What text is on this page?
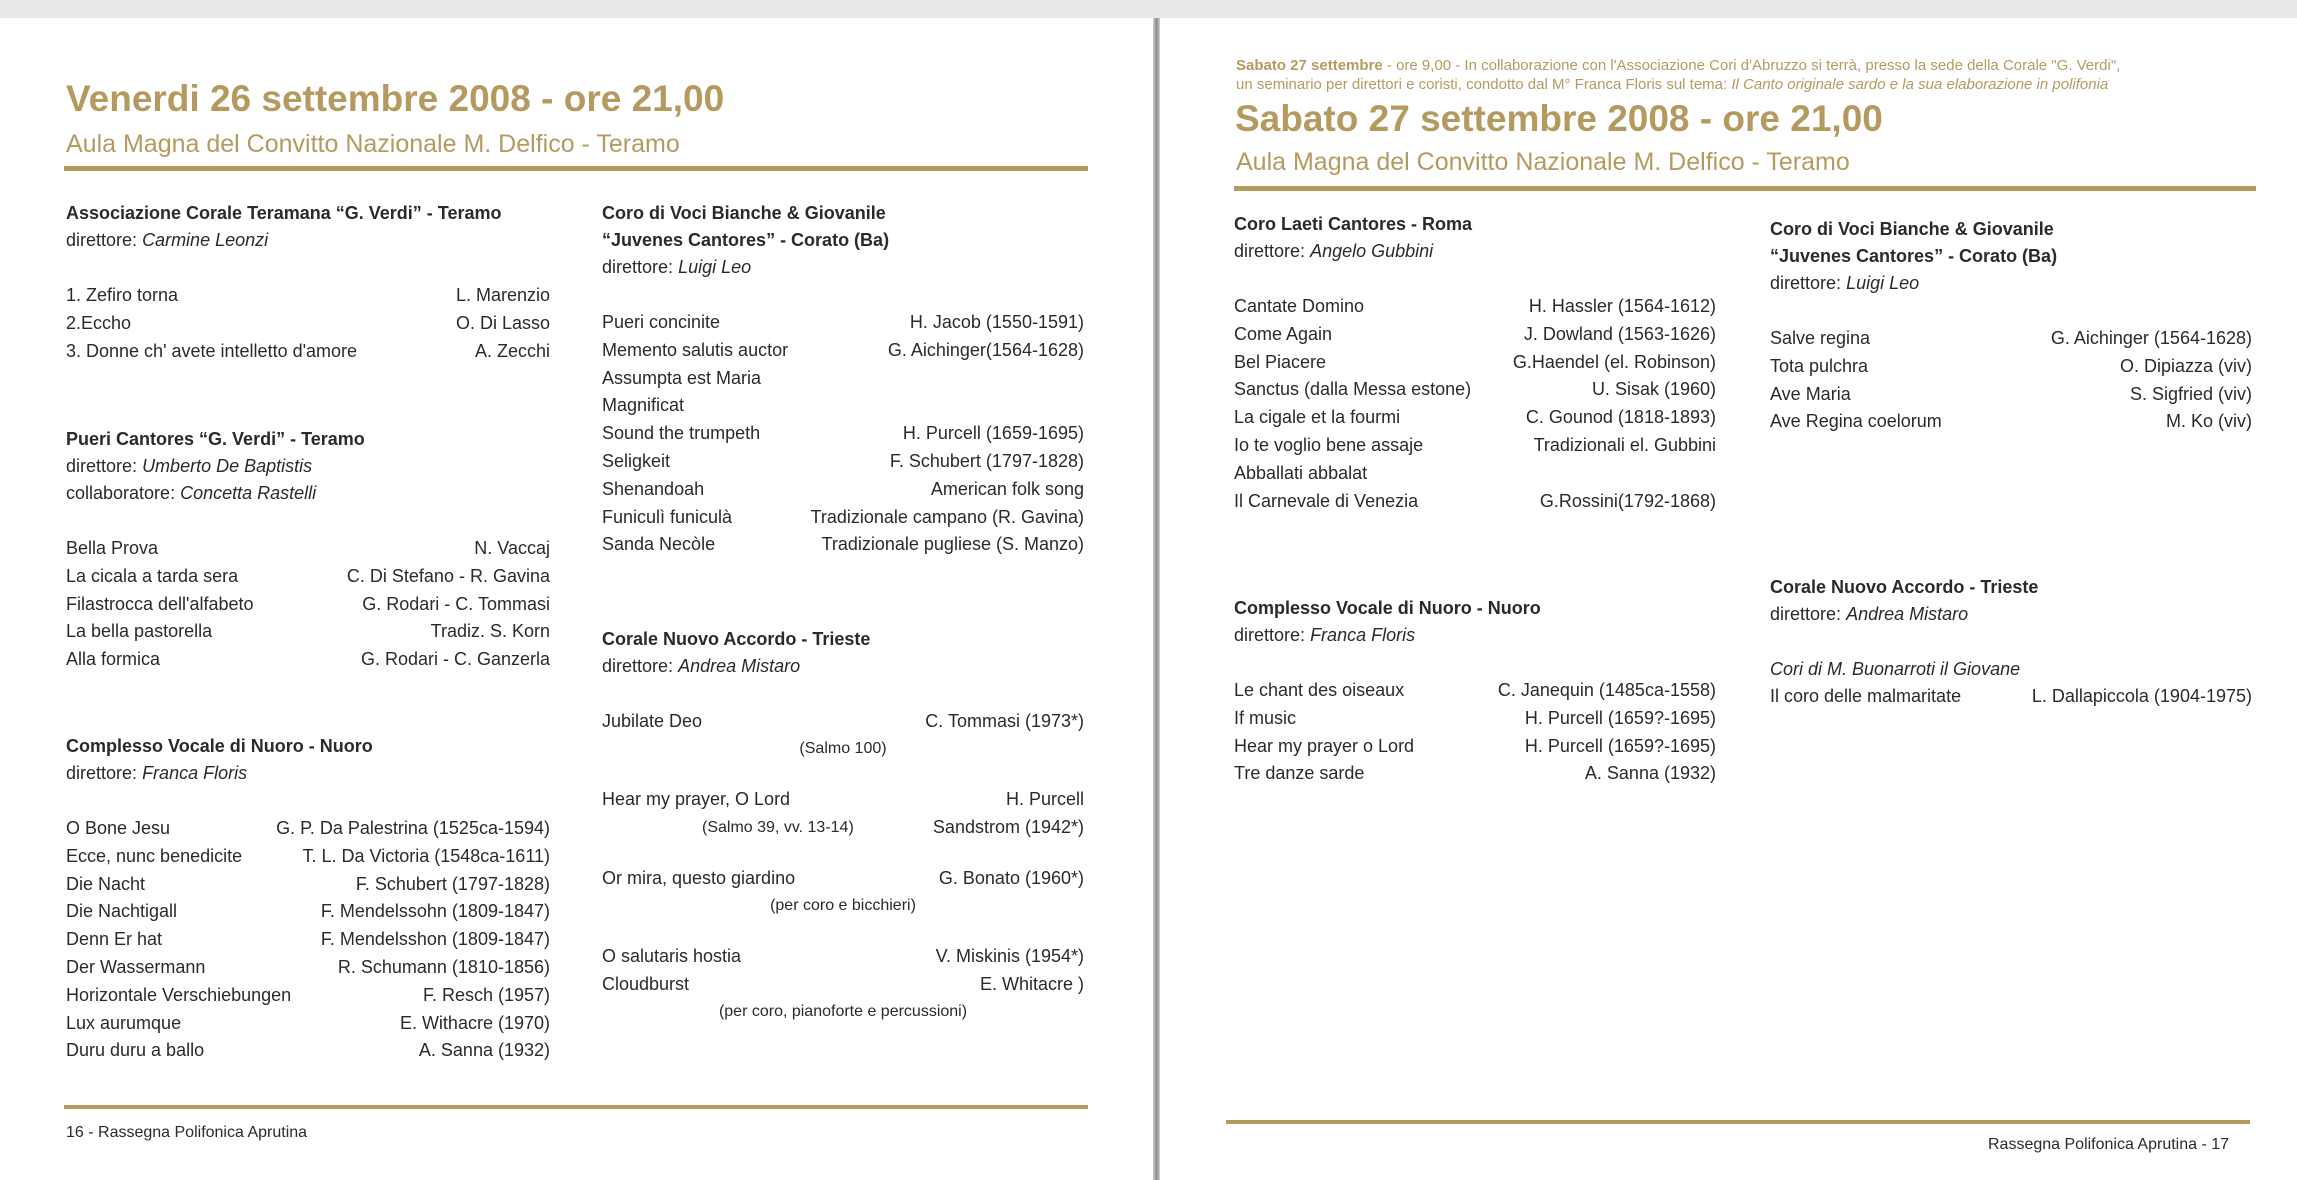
Venerdi 26 settembre 2008 - ore 21,00
Aula Magna del Convitto Nazionale M. Delfico - Teramo
Associazione Corale Teramana “G. Verdi” - Teramo
direttore: Carmine Leonzi
1. Zefiro torna	L. Marenzio
2.Eccho	O. Di Lasso
3. Donne ch' avete intelletto d'amore	A. Zecchi
Pueri Cantores “G. Verdi” - Teramo
direttore: Umberto De Baptistis
collaboratore: Concetta Rastelli
Bella Prova	N. Vaccaj
La cicala a tarda sera	C. Di Stefano - R. Gavina
Filastrocca dell'alfabeto	G. Rodari - C. Tommasi
La bella pastorella	Tradiz. S. Korn
Alla formica	G. Rodari - C. Ganzerla
Complesso Vocale di Nuoro - Nuoro
direttore: Franca Floris
O Bone Jesu	G. P. Da Palestrina (1525ca-1594)
Ecce, nunc benedicite	T. L. Da Victoria (1548ca-1611)
Die Nacht	F. Schubert (1797-1828)
Die Nachtigall	F. Mendelssohn (1809-1847)
Denn Er hat	F. Mendelsshon (1809-1847)
Der Wassermann	R. Schumann (1810-1856)
Horizontale Verschiebungen	F. Resch (1957)
Lux aurumque	E. Withacre (1970)
Duru duru a ballo	A. Sanna (1932)
Coro di Voci Bianche & Giovanile
“Juvenes Cantores” - Corato (Ba)
direttore: Luigi Leo
Pueri concinite	H. Jacob (1550-1591)
Memento salutis auctor	G. Aichinger(1564-1628)
Assumpta est Maria
Magnificat
Sound the trumpeth	H. Purcell (1659-1695)
Seligkeit	F. Schubert (1797-1828)
Shenandoah	American folk song
Funiculì funiculà	Tradizionale campano (R. Gavina)
Sanda Necòle	Tradizionale pugliese (S. Manzo)
Corale Nuovo Accordo - Trieste
direttore: Andrea Mistaro
Jubilate Deo	C. Tommasi (1973*)
(Salmo 100)
Hear my prayer, O Lord	H. Purcell
(Salmo 39, vv. 13-14)	Sandstrom (1942*)
Or mira, questo giardino	G. Bonato (1960*)
(per coro e bicchieri)
O salutaris hostia	V. Miskinis (1954*)
Cloudburst	E. Whitacre )
(per coro, pianoforte e percussioni)
16 - Rassegna Polifonica Aprutina
Sabato 27 settembre - ore 9,00 - In collaborazione con l'Associazione Cori d'Abruzzo si terrà, presso la sede della Corale "G. Verdi",
un seminario per direttori e coristi, condotto dal M° Franca Floris sul tema: Il Canto originale sardo e la sua elaborazione in polifonia
Sabato 27 settembre 2008 - ore 21,00
Aula Magna del Convitto Nazionale M. Delfico - Teramo
Coro Laeti Cantores - Roma
direttore: Angelo Gubbini
Cantate Domino	H. Hassler (1564-1612)
Come Again	J. Dowland (1563-1626)
Bel Piacere	G.Haendel (el. Robinson)
Sanctus (dalla Messa estone)	U. Sisak (1960)
La cigale et la fourmi	C. Gounod (1818-1893)
Io te voglio bene assaje	Tradizionali el. Gubbini
Abballati abbalat
Il Carnevale di Venezia	G.Rossini(1792-1868)
Complesso Vocale di Nuoro - Nuoro
direttore: Franca Floris
Le chant des oiseaux	C. Janequin (1485ca-1558)
If music	H. Purcell (1659?-1695)
Hear my prayer o Lord	H. Purcell (1659?-1695)
Tre danze sarde	A. Sanna (1932)
Coro di Voci Bianche & Giovanile
“Juvenes Cantores” - Corato (Ba)
direttore: Luigi Leo
Salve regina	G. Aichinger (1564-1628)
Tota pulchra	O. Dipiazza (viv)
Ave Maria	S. Sigfried (viv)
Ave Regina coelorum	M. Ko (viv)
Corale Nuovo Accordo - Trieste
direttore: Andrea Mistaro
Cori di M. Buonarroti il Giovane
Il coro delle malmaritate	L. Dallapiccola (1904-1975)
Rassegna Polifonica Aprutina - 17
